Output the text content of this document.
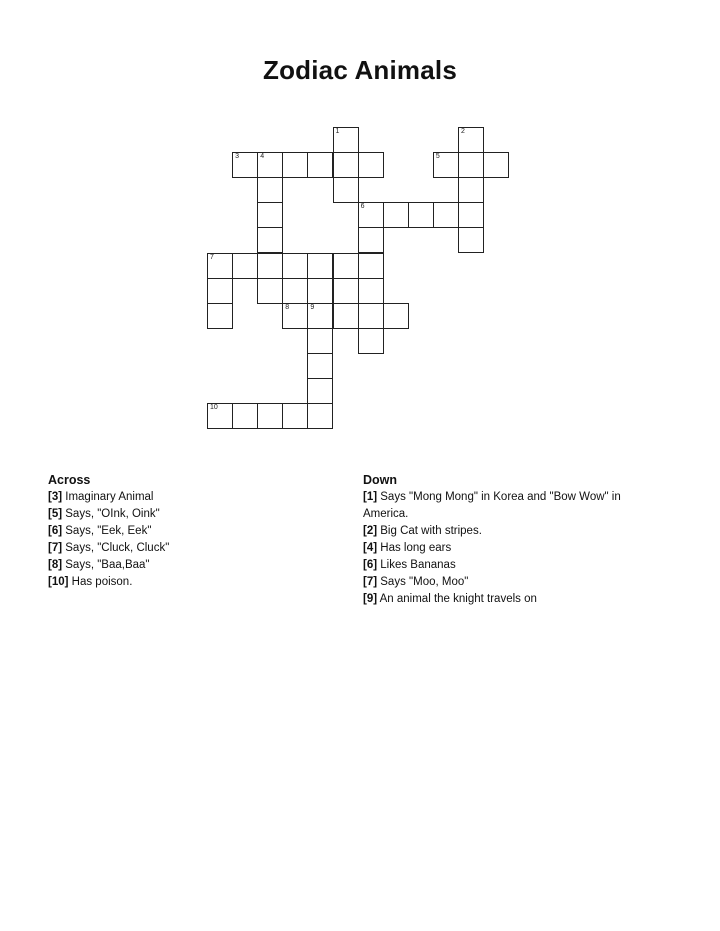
Zodiac Animals
1	2
3	4	5
6
7
8	9
10
Across
[3] Imaginary Animal
[5] Says, "OInk, Oink"
[6] Says, "Eek, Eek"
[7] Says, "Cluck, Cluck"
[8] Says, "Baa,Baa"
[10] Has poison.
Down
[1] Says "Mong Mong" in Korea and "Bow Wow" in America.
[2] Big Cat with stripes.
[4] Has long ears
[6] Likes Bananas
[7] Says "Moo, Moo"
[9] An animal the knight travels on
